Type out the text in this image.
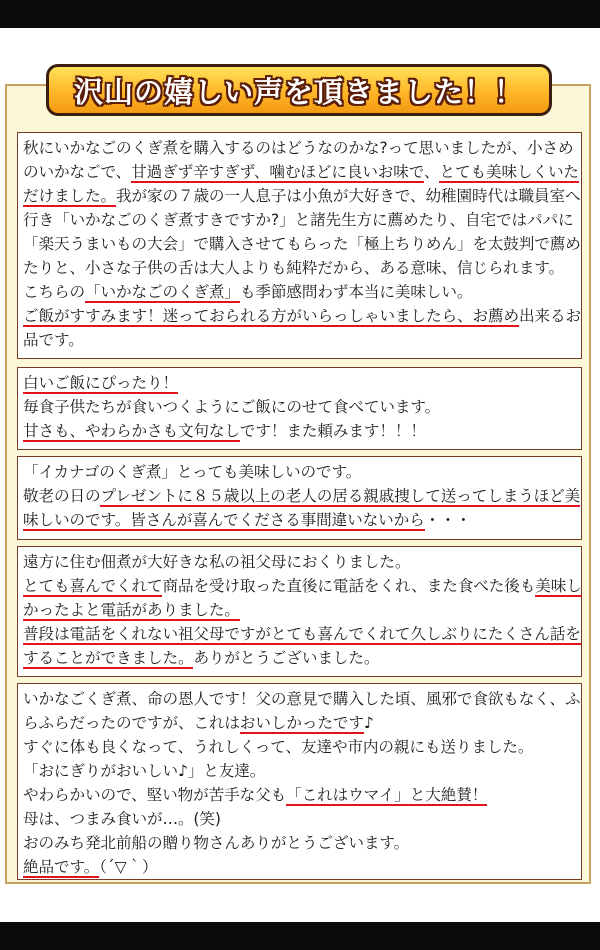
沢山の嬉しい声を頂きました！！
秋にいかなごのくぎ煮を購入するのはどうなのかな?って思いましたが、小さめ
のいかなごで、甘過ぎず辛すぎず、噛むほどに良いお味で、とても美味しくいた
だけました。我が家の７歳の一人息子は小魚が大好きで、幼稚園時代は職員室へ
行き「いかなごのくぎ煮すきですか?」と諸先生方に薦めたり、自宅ではパパに
「楽天うまいもの大会」で購入させてもらった「極上ちりめん」を太鼓判で薦め
たりと、小さな子供の舌は大人よりも純粋だから、ある意味、信じられます。
こちらの「いかなごのくぎ煮」も季節感問わず本当に美味しい。
ご飯がすすみます！迷っておられる方がいらっしゃいましたら、お薦め出来るお
品です。
白いご飯にぴったり！
毎食子供たちが食いつくようにご飯にのせて食べています。
甘さも、やわらかさも文句なしです！また頼みます！！！
「イカナゴのくぎ煮」とっても美味しいのです。
敬老の日のプレゼントに８５歳以上の老人の居る親戚捜して送ってしまうほど美
味しいのです。皆さんが喜んでくださる事間違いないから・・・
遠方に住む佃煮が大好きな私の祖父母におくりました。
とても喜んでくれて商品を受け取った直後に電話をくれ、また食べた後も美味し
かったよと電話がありました。
普段は電話をくれない祖父母ですがとても喜んでくれて久しぶりにたくさん話を
することができました。ありがとうございました。
いかなごくぎ煮、命の恩人です！父の意見で購入した頃、風邪で食欲もなく、ふ
らふらだったのですが、これはおいしかったです♪
すぐに体も良くなって、うれしくって、友達や市内の親にも送りました。
「おにぎりがおいしい♪」と友達。
やわらかいので、堅い物が苦手な父も「これはウマイ」と大絶賛！
母は、つまみ食いが…。(笑)
おのみち発北前船の贈り物さんありがとうございます。
絶品です。（´▽｀）
